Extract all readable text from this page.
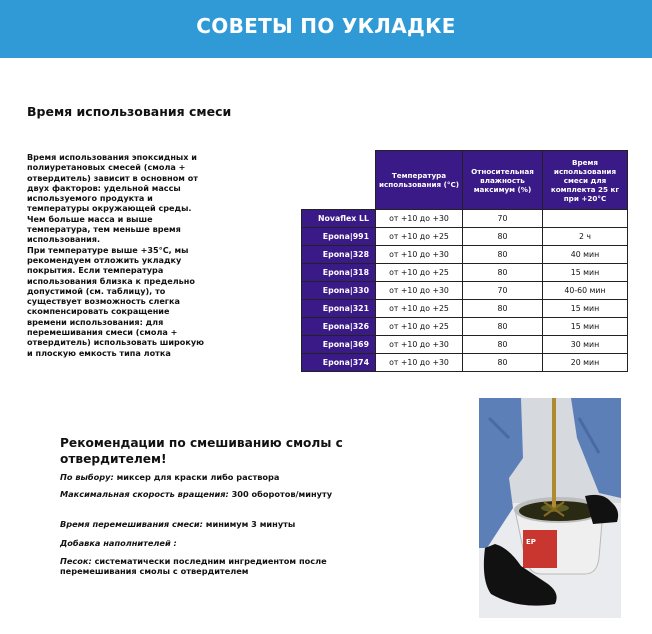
СОВЕТЫ ПО УКЛАДКЕ
Время использования смеси

Время использования эпоксидных и

полиуретановых смесей (смола +

отвердитель) зависит в основном от

двух факторов: удельной массы

используемого продукта и

температуры окружающей среды.

Чем больше масса и выше

температура, тем меньше время

использования.

При температуре выше +35°С, мы

рекомендуем отложить укладку

покрытия. Если температура

использования близка к предельно

допустимой (см. таблицу), то

существует возможность слегка

скомпенсировать сокращение

времени использования: для

перемешивания смеси (смола +

отвердитель) использовать широкую

и плоскую емкость типа лотка

	Температура использования (°С)	Относительная влажность максимум (%)	Время использования смеси для комплекта 25 кг при +20°С
Novaflex LL	от +10 до +30	70	
Epona|991	от +10 до +25	80	2 ч
Epona|328	от +10 до +30	80	40 мин
Epona|318	от +10 до +25	80	15 мин
Epona|330	от +10 до +30	70	40-60 мин
Epona|321	от +10 до +25	80	15 мин
Epona|326	от +10 до +25	80	15 мин
Epona|369	от +10 до +30	80	30 мин
Epona|374	от +10 до +30	80	20 мин
Рекомендации по смешиванию смолы с отвердителем!
По выбору: миксер для краски либо раствора
Максимальная скорость вращения: 300 оборотов/минуту
Время перемешивания смеси: минимум 3 минуты
Добавка наполнителей :
Песок: систематически последним ингредиентом после перемешивания смолы с отвердителем
EP
